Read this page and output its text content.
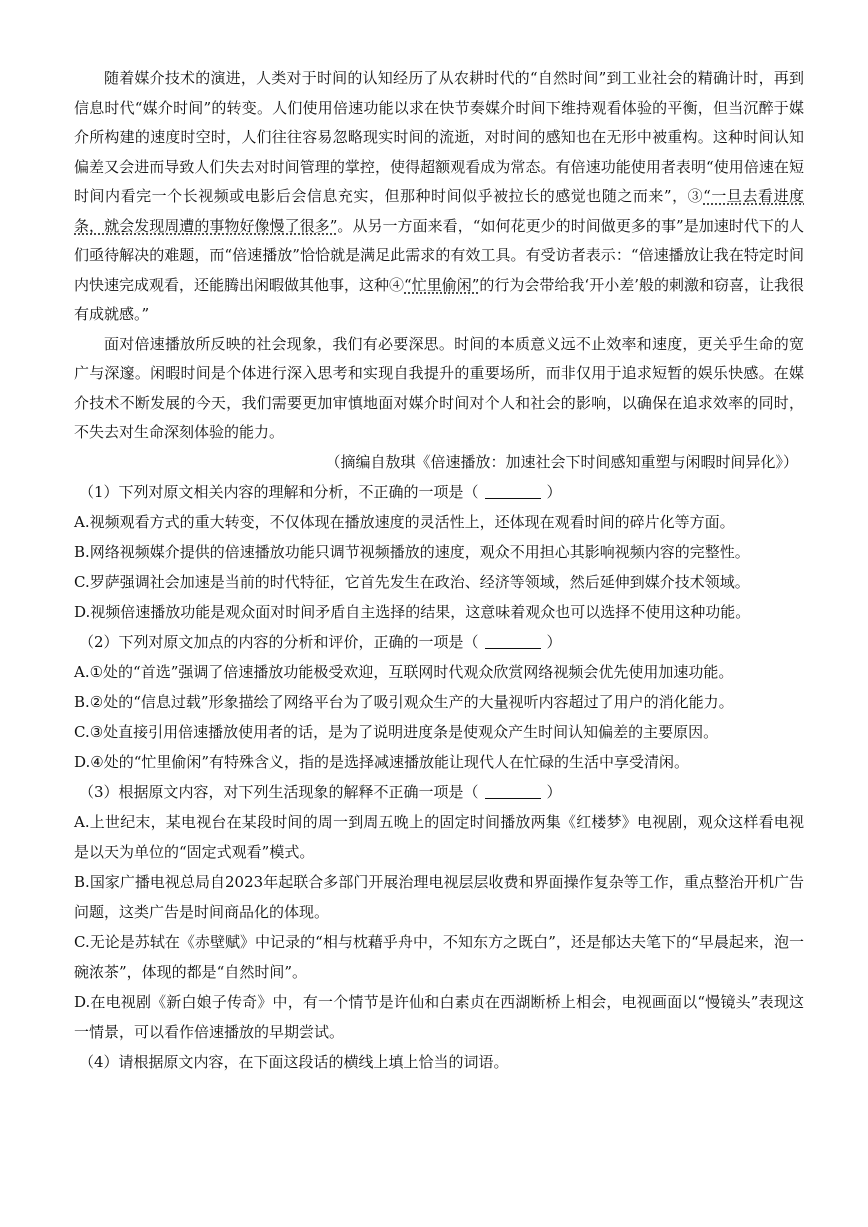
随着媒介技术的演进，人类对于时间的认知经历了从农耕时代的“自然时间”到工业社会的精确计时，再到信息时代“媒介时间”的转变。人们使用倍速功能以求在快节奏媒介时间下维持观看体验的平衡，但当沉醉于媒介所构建的速度时空时，人们往往容易忽略现实时间的流逝，对时间的感知也在无形中被重构。这种时间认知偏差又会进而导致人们失去对时间管理的掌控，使得超额观看成为常态。有倍速功能使用者表明“使用倍速在短时间内看完一个长视频或电影后会信息充实，但那种时间似乎被拉长的感觉也随之而来”，③“一旦去看进度条，就会发现周遭的事物好像慢了很多”。从另一方面来看，“如何花更少的时间做更多的事”是加速时代下的人们亟待解决的难题，而“倍速播放”恰恰就是满足此需求的有效工具。有受访者表示：“倍速播放让我在特定时间内快速完成观看，还能腾出闲暇做其他事，这种④“忙里偷闲”的行为会带给我‘开小差’般的刺激和窃喜，让我很有成就感。”

面对倍速播放所反映的社会现象，我们有必要深思。时间的本质意义远不止效率和速度，更关乎生命的宽广与深邃。闲暇时间是个体进行深入思考和实现自我提升的重要场所，而非仅用于追求短暂的娱乐快感。在媒介技术不断发展的今天，我们需要更加审慎地面对媒介时间对个人和社会的影响，以确保在追求效率的同时，不失去对生命深刻体验的能力。

（摘编自敖琪《倍速播放：加速社会下时间感知重塑与闲暇时间异化》）

（1）下列对原文相关内容的理解和分析，不正确的一项是（	）

A.视频观看方式的重大转变，不仅体现在播放速度的灵活性上，还体现在观看时间的碎片化等方面。

B.网络视频媒介提供的倍速播放功能只调节视频播放的速度，观众不用担心其影响视频内容的完整性。

C.罗萨强调社会加速是当前的时代特征，它首先发生在政治、经济等领域，然后延伸到媒介技术领域。

D.视频倍速播放功能是观众面对时间矛盾自主选择的结果，这意味着观众也可以选择不使用这种功能。

（2）下列对原文加点的内容的分析和评价，正确的一项是（	）

A.①处的“首选”强调了倍速播放功能极受欢迎，互联网时代观众欣赏网络视频会优先使用加速功能。

B.②处的“信息过载”形象描绘了网络平台为了吸引观众生产的大量视听内容超过了用户的消化能力。

C.③处直接引用倍速播放使用者的话，是为了说明进度条是使观众产生时间认知偏差的主要原因。

D.④处的“忙里偷闲”有特殊含义，指的是选择减速播放能让现代人在忙碌的生活中享受清闲。

（3）根据原文内容，对下列生活现象的解释不正确一项是（	）

A.上世纪末，某电视台在某段时间的周一到周五晚上的固定时间播放两集《红楼梦》电视剧，观众这样看电视是以天为单位的“固定式观看”模式。

B.国家广播电视总局自2023年起联合多部门开展治理电视层层收费和界面操作复杂等工作，重点整治开机广告问题，这类广告是时间商品化的体现。

C.无论是苏轼在《赤壁赋》中记录的“相与枕藉乎舟中，不知东方之既白”，还是郁达夫笔下的“早晨起来，泡一碗浓茶”，体现的都是“自然时间”。

D.在电视剧《新白娘子传奇》中，有一个情节是许仙和白素贞在西湖断桥上相会，电视画面以“慢镜头”表现这一情景，可以看作倍速播放的早期尝试。

（4）请根据原文内容，在下面这段话的横线上填上恰当的词语。
